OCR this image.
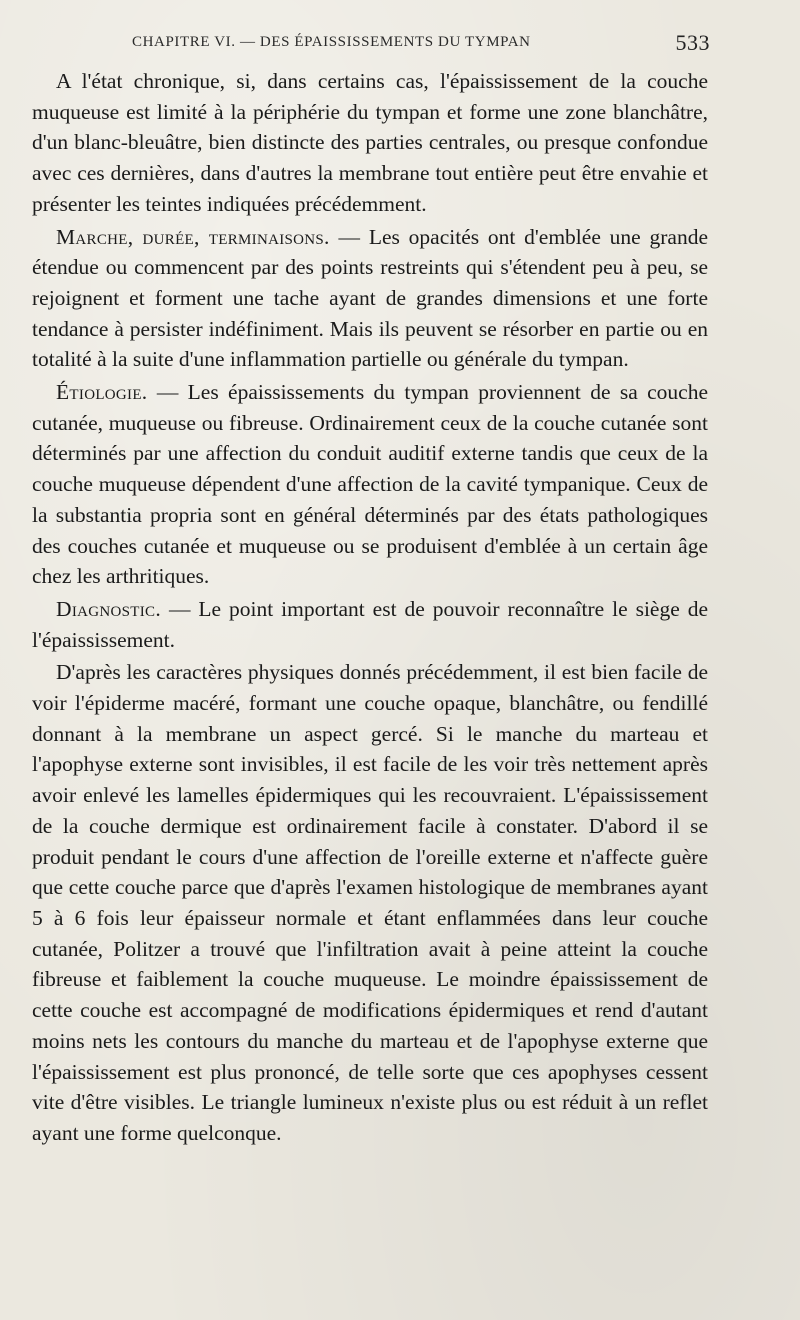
CHAPITRE VI. — DES ÉPAISSISSEMENTS DU TYMPAN	533

A l'état chronique, si, dans certains cas, l'épaississement de la couche muqueuse est limité à la périphérie du tympan et forme une zone blanchâtre, d'un blanc-bleuâtre, bien distincte des parties centrales, ou presque confondue avec ces dernières, dans d'autres la membrane tout entière peut être envahie et présenter les teintes indiquées précédemment.

Marche, durée, terminaisons. — Les opacités ont d'emblée une grande étendue ou commencent par des points restreints qui s'étendent peu à peu, se rejoignent et forment une tache ayant de grandes dimensions et une forte tendance à persister indéfiniment. Mais ils peuvent se résorber en partie ou en totalité à la suite d'une inflammation partielle ou générale du tympan.

Étiologie. — Les épaississements du tympan proviennent de sa couche cutanée, muqueuse ou fibreuse. Ordinairement ceux de la couche cutanée sont déterminés par une affection du conduit auditif externe tandis que ceux de la couche muqueuse dépendent d'une affection de la cavité tympanique. Ceux de la substantia propria sont en général déterminés par des états pathologiques des couches cutanée et muqueuse ou se produisent d'emblée à un certain âge chez les arthritiques.

Diagnostic. — Le point important est de pouvoir reconnaître le siège de l'épaississement.

D'après les caractères physiques donnés précédemment, il est bien facile de voir l'épiderme macéré, formant une couche opaque, blanchâtre, ou fendillé donnant à la membrane un aspect gercé. Si le manche du marteau et l'apophyse externe sont invisibles, il est facile de les voir très nettement après avoir enlevé les lamelles épidermiques qui les recouvraient. L'épaississement de la couche dermique est ordinairement facile à constater. D'abord il se produit pendant le cours d'une affection de l'oreille externe et n'affecte guère que cette couche parce que d'après l'examen histologique de membranes ayant 5 à 6 fois leur épaisseur normale et étant enflammées dans leur couche cutanée, Politzer a trouvé que l'infiltration avait à peine atteint la couche fibreuse et faiblement la couche muqueuse. Le moindre épaississement de cette couche est accompagné de modifications épidermiques et rend d'autant moins nets les contours du manche du marteau et de l'apophyse externe que l'épaississement est plus prononcé, de telle sorte que ces apophyses cessent vite d'être visibles. Le triangle lumineux n'existe plus ou est réduit à un reflet ayant une forme quelconque.
